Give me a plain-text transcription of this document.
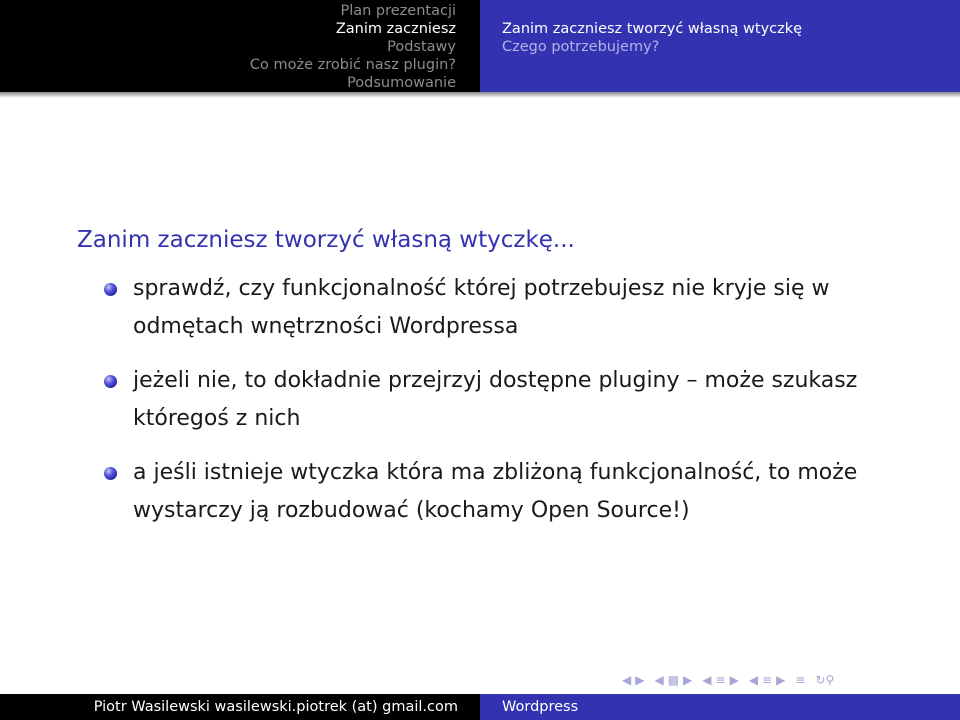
Plan prezentacji
Zanim zaczniesz
Podstawy
Co może zrobić nasz plugin?
Podsumowanie
Zanim zaczniesz tworzyć własną wtyczkę
Czego potrzebujemy?
Zanim zaczniesz tworzyć własną wtyczkę...
sprawdź, czy funkcjonalność której potrzebujesz nie kryje się w odmętach wnętrzności Wordpressa
jeżeli nie, to dokładnie przejrzyj dostępne pluginy – może szukasz któregoś z nich
a jeśli istnieje wtyczka która ma zbliżoną funkcjonalność, to może wystarczy ją rozbudować (kochamy Open Source!)
◀ ▶ ◀ ▩ ▶ ◀ ≡ ▶ ◀ ≡ ▶ ≡ ↻⚲
Piotr Wasilewski wasilewski.piotrek (at) gmail.com	Wordpress
